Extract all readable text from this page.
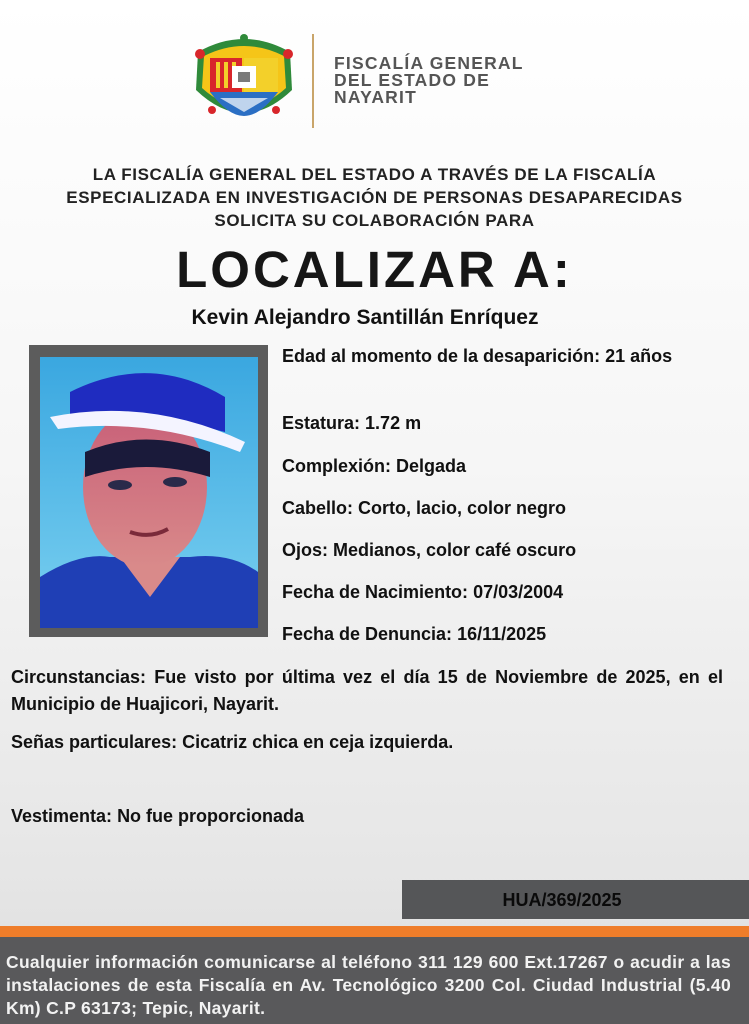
FISCALÍA GENERAL
DEL ESTADO DE
NAYARIT
LA FISCALÍA GENERAL DEL ESTADO A TRAVÉS DE LA FISCALÍA
ESPECIALIZADA EN INVESTIGACIÓN DE PERSONAS DESAPARECIDAS
SOLICITA SU COLABORACIÓN PARA
LOCALIZAR A:
Kevin Alejandro Santillán Enríquez
Edad al momento de la desaparición: 21 años
Estatura: 1.72 m
Complexión: Delgada
Cabello: Corto, lacio, color negro
Ojos: Medianos, color café oscuro
Fecha de Nacimiento: 07/03/2004
Fecha de Denuncia: 16/11/2025
Circunstancias: Fue visto por última vez el día 15 de Noviembre de 2025, en el Municipio de Huajicori, Nayarit.
Señas particulares: Cicatriz chica en ceja izquierda.
Vestimenta: No fue proporcionada
HUA/369/2025
Cualquier información comunicarse al teléfono 311 129 600 Ext.17267 o acudir a las instalaciones de esta Fiscalía en Av. Tecnológico 3200 Col. Ciudad Industrial (5.40 Km) C.P 63173; Tepic, Nayarit.
